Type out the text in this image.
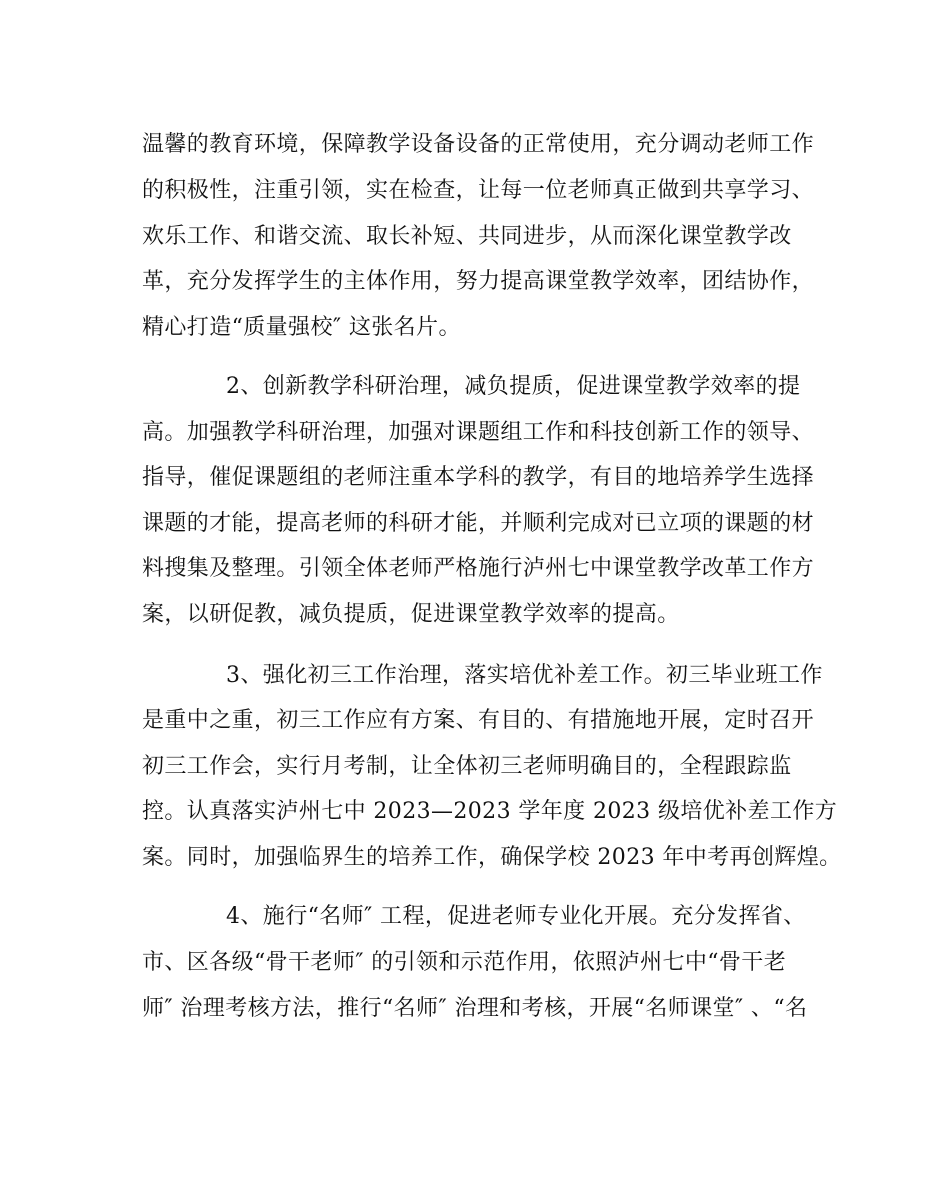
温馨的教育环境，保障教学设备设备的正常使用，充分调动老师工作
的积极性，注重引领，实在检查，让每一位老师真正做到共享学习、
欢乐工作、和谐交流、取长补短、共同进步，从而深化课堂教学改
革，充分发挥学生的主体作用，努力提高课堂教学效率，团结协作，
精心打造“质量强校″ 这张名片。
2、创新教学科研治理，减负提质，促进课堂教学效率的提
高。加强教学科研治理，加强对课题组工作和科技创新工作的领导、
指导，催促课题组的老师注重本学科的教学，有目的地培养学生选择
课题的才能，提高老师的科研才能，并顺利完成对已立项的课题的材
料搜集及整理。引领全体老师严格施行泸州七中课堂教学改革工作方
案，以研促教，减负提质，促进课堂教学效率的提高。
3、强化初三工作治理，落实培优补差工作。初三毕业班工作
是重中之重，初三工作应有方案、有目的、有措施地开展，定时召开
初三工作会，实行月考制，让全体初三老师明确目的，全程跟踪监
控。认真落实泸州七中 2023—2023 学年度 2023 级培优补差工作方
案。同时，加强临界生的培养工作，确保学校 2023 年中考再创辉煌。
4、施行“名师″ 工程，促进老师专业化开展。充分发挥省、
市、区各级“骨干老师″ 的引领和示范作用，依照泸州七中“骨干老
师″ 治理考核方法，推行“名师″ 治理和考核，开展“名师课堂″ 、“名
